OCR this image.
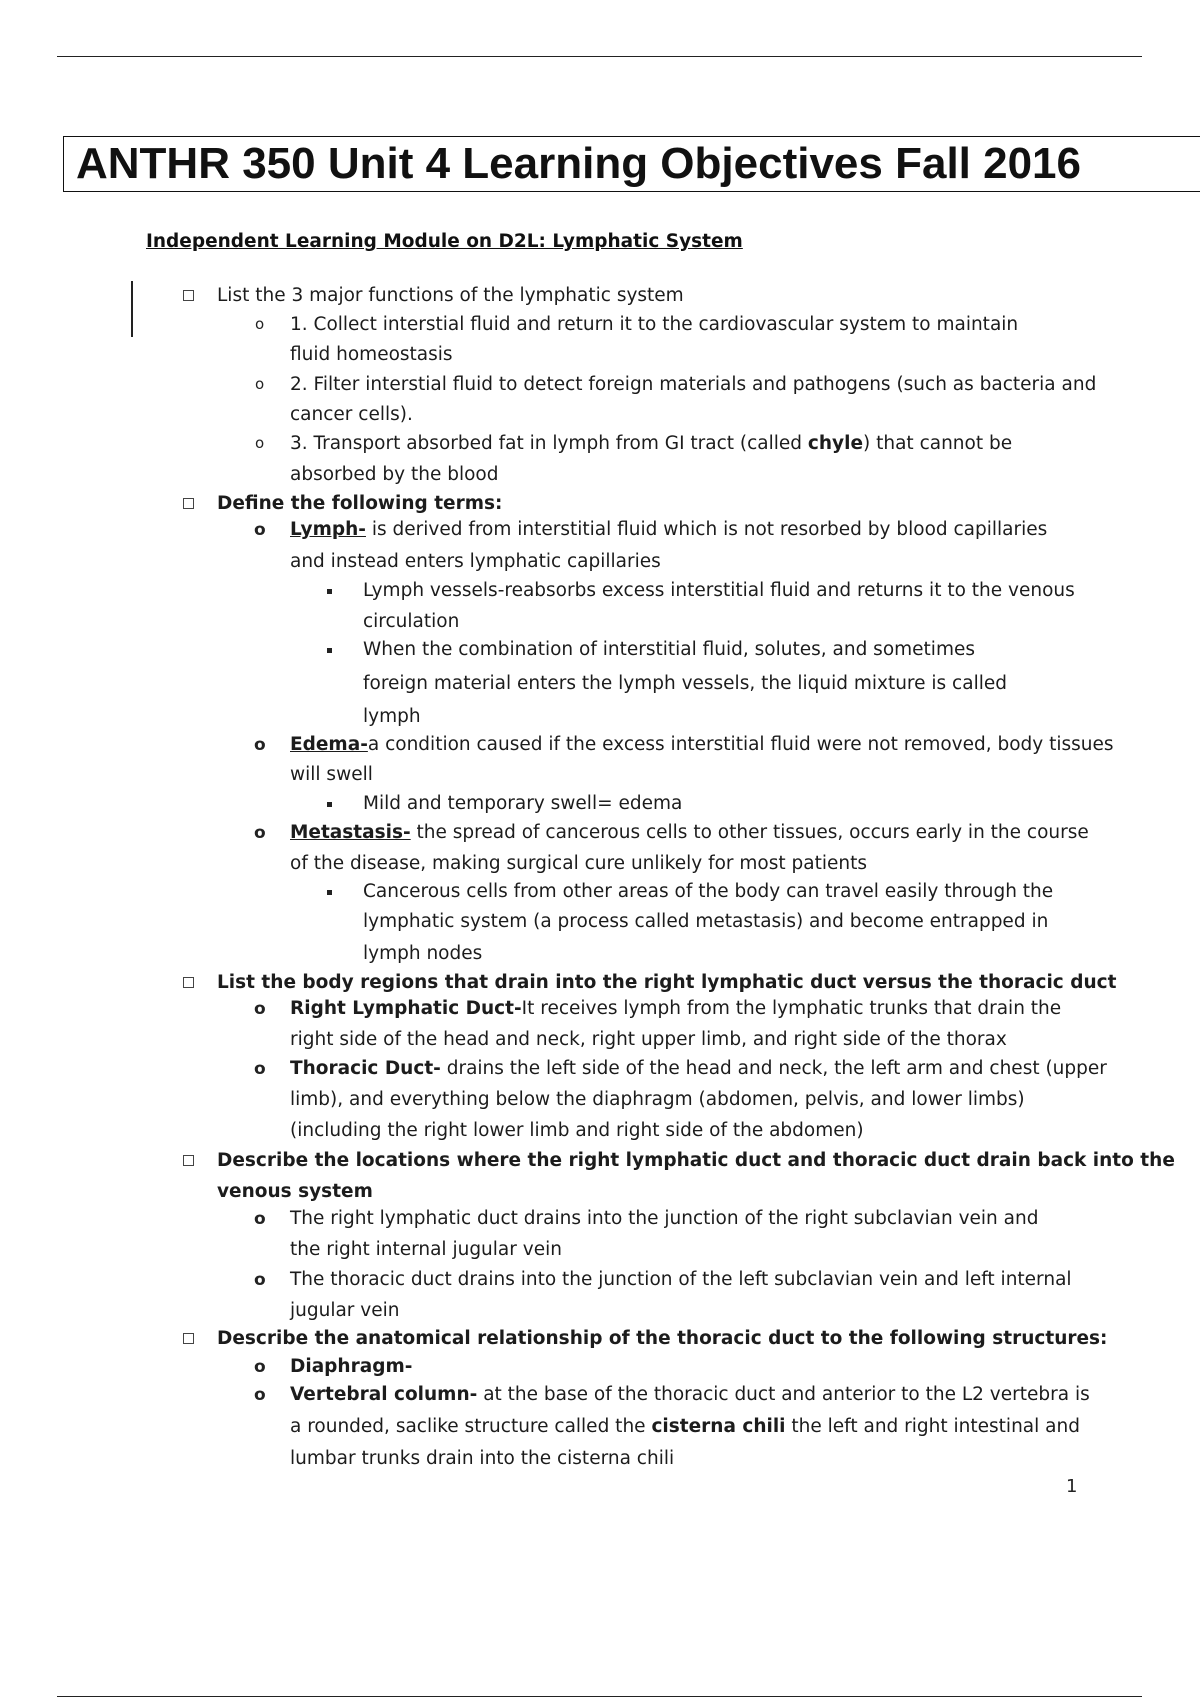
ANTHR 350 Unit 4 Learning Objectives Fall 2016
Independent Learning Module on D2L: Lymphatic System

List the 3 major functions of the lymphatic system

o 1. Collect interstial fluid and return it to the cardiovascular system to maintain

fluid homeostasis

o 2. Filter interstial fluid to detect foreign materials and pathogens (such as bacteria and

cancer cells).

o 3. Transport absorbed fat in lymph from GI tract (called chyle) that cannot be

absorbed by the blood

Define the following terms:

o Lymph- is derived from interstitial fluid which is not resorbed by blood capillaries

and instead enters lymphatic capillaries

Lymph vessels-reabsorbs excess interstitial fluid and returns it to the venous

circulation

When the combination of interstitial fluid, solutes, and sometimes

foreign material enters the lymph vessels, the liquid mixture is called

lymph

o Edema-a condition caused if the excess interstitial fluid were not removed, body tissues

will swell

Mild and temporary swell= edema

o Metastasis- the spread of cancerous cells to other tissues, occurs early in the course

of the disease, making surgical cure unlikely for most patients

Cancerous cells from other areas of the body can travel easily through the

lymphatic system (a process called metastasis) and become entrapped in

lymph nodes

List the body regions that drain into the right lymphatic duct versus the thoracic duct

o Right Lymphatic Duct-It receives lymph from the lymphatic trunks that drain the

right side of the head and neck, right upper limb, and right side of the thorax

o Thoracic Duct- drains the left side of the head and neck, the left arm and chest (upper

limb), and everything below the diaphragm (abdomen, pelvis, and lower limbs)

(including the right lower limb and right side of the abdomen)

Describe the locations where the right lymphatic duct and thoracic duct drain back into the

venous system

o The right lymphatic duct drains into the junction of the right subclavian vein and

the right internal jugular vein

o The thoracic duct drains into the junction of the left subclavian vein and left internal

jugular vein

Describe the anatomical relationship of the thoracic duct to the following structures:

o Diaphragm-

o Vertebral column- at the base of the thoracic duct and anterior to the L2 vertebra is

a rounded, saclike structure called the cisterna chili the left and right intestinal and

lumbar trunks drain into the cisterna chili

1
